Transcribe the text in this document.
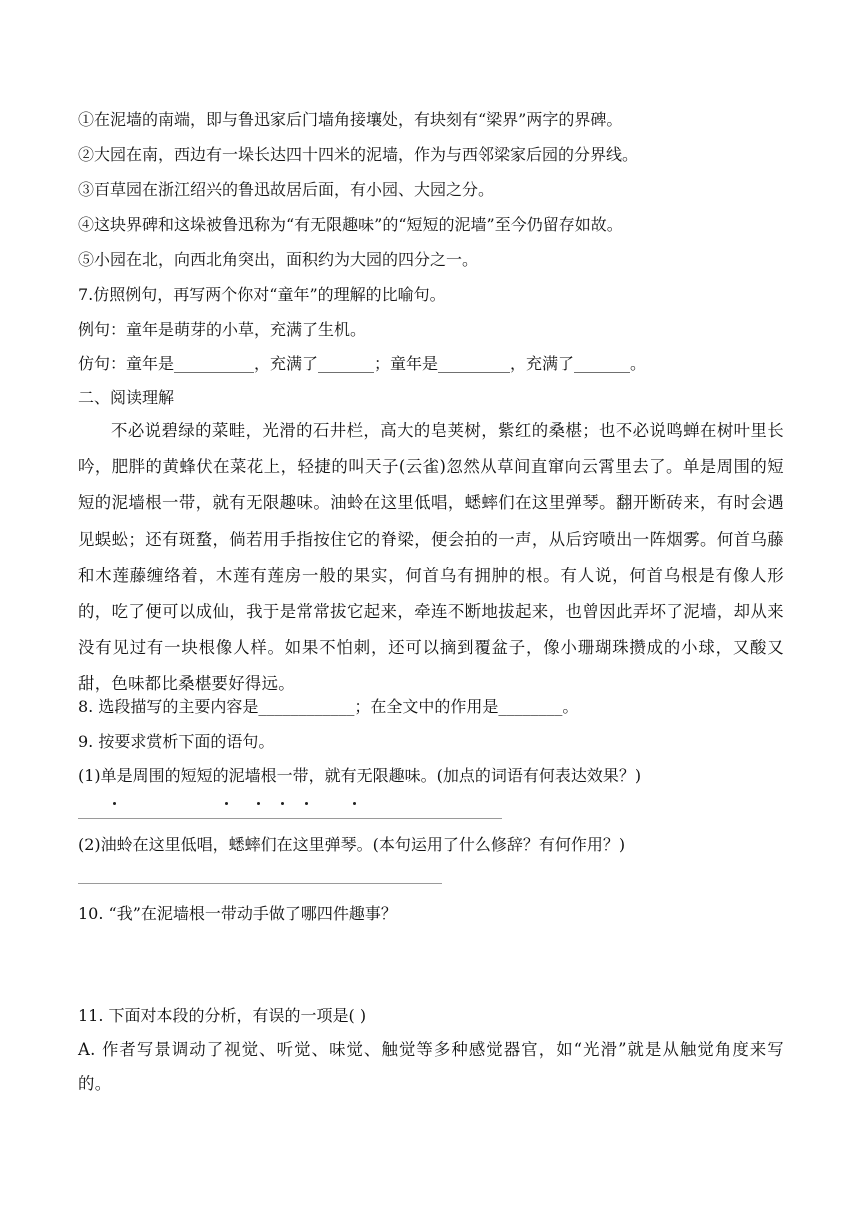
①在泥墙的南端，即与鲁迅家后门墙角接壤处，有块刻有“梁界”两字的界碑。
②大园在南，西边有一垛长达四十四米的泥墙，作为与西邻梁家后园的分界线。
③百草园在浙江绍兴的鲁迅故居后面，有小园、大园之分。
④这块界碑和这垛被鲁迅称为“有无限趣味”的“短短的泥墙”至今仍留存如故。
⑤小园在北，向西北角突出，面积约为大园的四分之一。
7.仿照例句，再写两个你对“童年”的理解的比喻句。
例句：童年是萌芽的小草，充满了生机。
仿句：童年是__________，充满了_______；童年是_________，充满了_______。
二、阅读理解
不必说碧绿的菜畦，光滑的石井栏，高大的皂荚树，紫红的桑椹；也不必说鸣蝉在树叶里长吟，肥胖的黄蜂伏在菜花上，轻捷的叫天子(云雀)忽然从草间直窜向云霄里去了。单是周围的短短的泥墙根一带，就有无限趣味。油蛉在这里低唱，蟋蟀们在这里弹琴。翻开断砖来，有时会遇见蜈蚣；还有斑蝥，倘若用手指按住它的脊梁，便会拍的一声，从后窍喷出一阵烟雾。何首乌藤和木莲藤缠络着，木莲有莲房一般的果实，何首乌有拥肿的根。有人说，何首乌根是有像人形的，吃了便可以成仙，我于是常常拔它起来，牵连不断地拔起来，也曾因此弄坏了泥墙，却从来没有见过有一块根像人样。如果不怕刺，还可以摘到覆盆子，像小珊瑚珠攒成的小球，又酸又甜，色味都比桑椹要好得远。
8. 选段描写的主要内容是____________；在全文中的作用是________。
9. 按要求赏析下面的语句。
(1)单是周围的短短的泥墙根一带，就有无限趣味。(加点的词语有何表达效果？)
(2)油蛉在这里低唱，蟋蟀们在这里弹琴。(本句运用了什么修辞？有何作用？)
10. “我”在泥墙根一带动手做了哪四件趣事？
11. 下面对本段的分析，有误的一项是( )
A. 作者写景调动了视觉、听觉、味觉、触觉等多种感觉器官，如“光滑”就是从触觉角度来写的。
